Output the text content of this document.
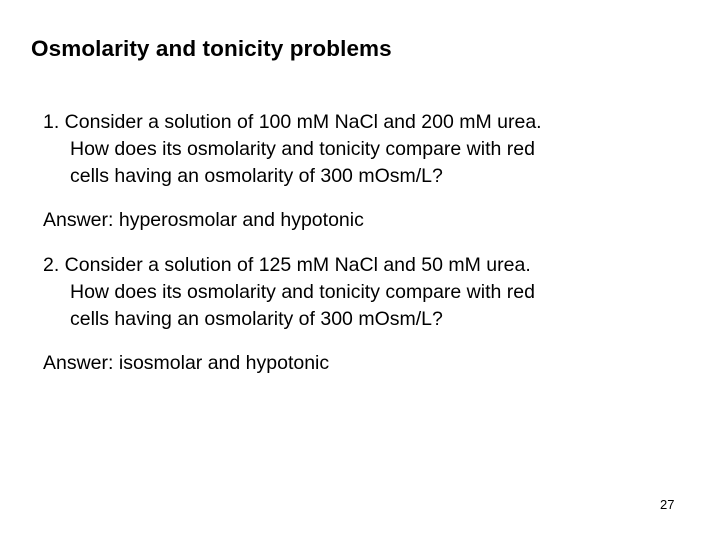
Osmolarity and tonicity problems
1. Consider a solution of 100 mM NaCl and 200 mM urea.
How does its osmolarity and tonicity compare with red
cells having an osmolarity of 300 mOsm/L?
Answer: hyperosmolar and hypotonic
2. Consider a solution of 125 mM NaCl and 50 mM urea.
How does its osmolarity and tonicity compare with red
cells having an osmolarity of 300 mOsm/L?
Answer: isosmolar and hypotonic
27
